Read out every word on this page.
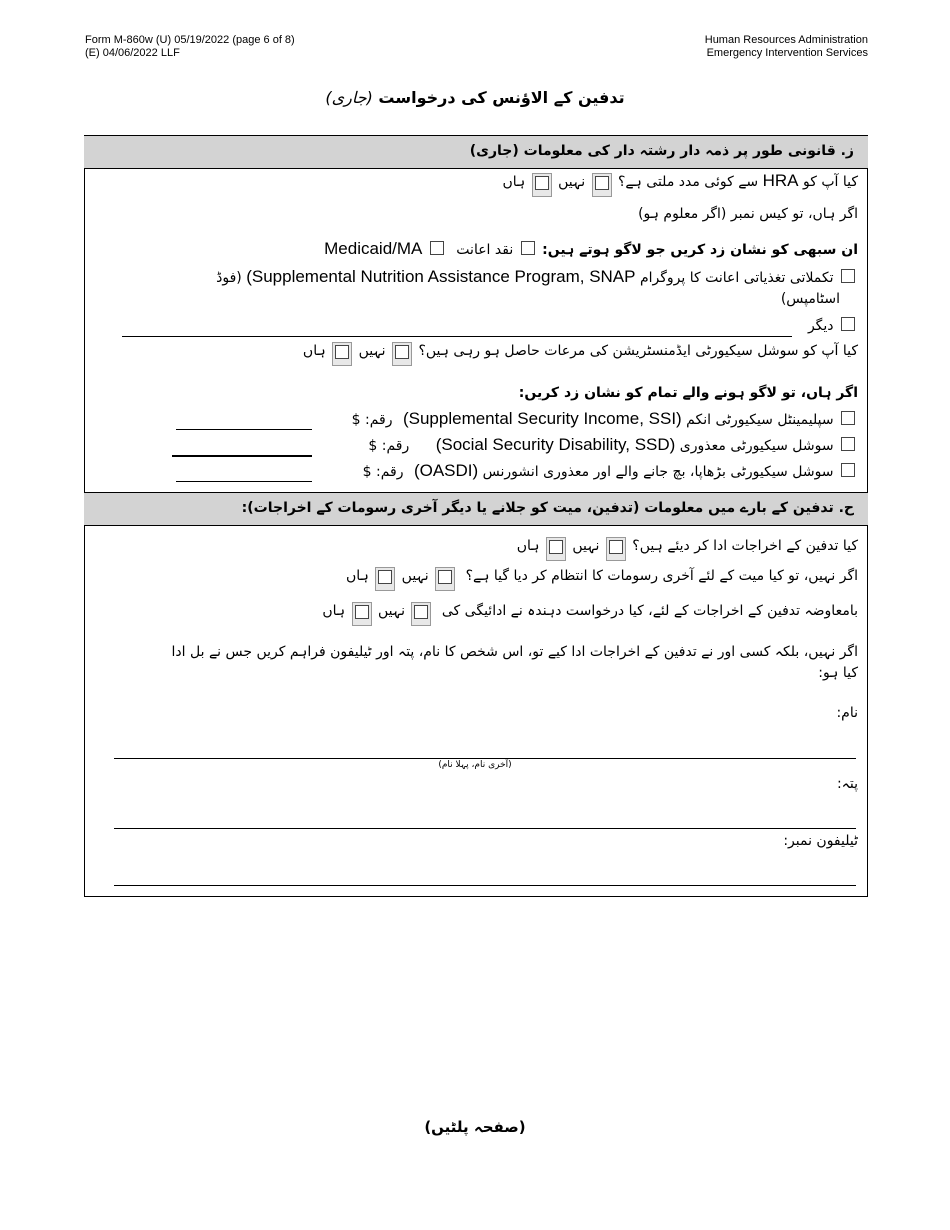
Form M-860w (U) 05/19/2022 (page 6 of 8)
(E) 04/06/2022 LLF
Human Resources Administration
Emergency Intervention Services
تدفین کے الاؤنس کی درخواست (جاری)
ز. قانونی طور پر ذمہ دار رشتہ دار کی معلومات (جاری)
کیا آپ کو HRA سے کوئی مدد ملتی ہے؟  نہیں  ہاں
اگر ہاں، تو کیس نمبر (اگر معلوم ہو)
ان سبھی کو نشان زد کریں جو لاگو ہوتے ہیں:  نقد اعانت  Medicaid/MA
تکملاتی تغذیاتی اعانت کا پروگرام (Supplemental Nutrition Assistance Program, SNAP (فوڈ
اسٹامپس)
دیگر
کیا آپ کو سوشل سیکیورٹی ایڈمنسٹریشن کی مرعات حاصل ہو رہی ہیں؟  نہیں  ہاں
اگر ہاں، تو لاگو ہونے والے تمام کو نشان زد کریں:
سپلیمینٹل سیکیورٹی انکم (Supplemental Security Income, SSI) رقم: $
سوشل سیکیورٹی معذوری (Social Security Disability, SSD) رقم: $
سوشل سیکیورٹی بڑھاپا، بچ جانے والے اور معذوری انشورنس (OASDI) رقم: $
ح. تدفین کے بارے میں معلومات (تدفین، میت کو جلانے یا دیگر آخری رسومات کے اخراجات):
کیا تدفین کے اخراجات ادا کر دیئے ہیں؟  نہیں  ہاں
اگر نہیں، تو کیا میت کے لئے آخری رسومات کا انتظام کر دیا گیا ہے؟  نہیں  ہاں
بامعاوضہ تدفین کے اخراجات کے لئے، کیا درخواست دہندہ نے ادائیگی کی  نہیں  ہاں
اگر نہیں، بلکہ کسی اور نے تدفین کے اخراجات ادا کیے تو، اس شخص کا نام، پتہ اور ٹیلیفون فراہم کریں جس نے بل ادا
کیا ہو:
نام:
(آخری نام، پہلا نام)
پتہ:
ٹیلیفون نمبر:
(صفحہ پلٹیں)
